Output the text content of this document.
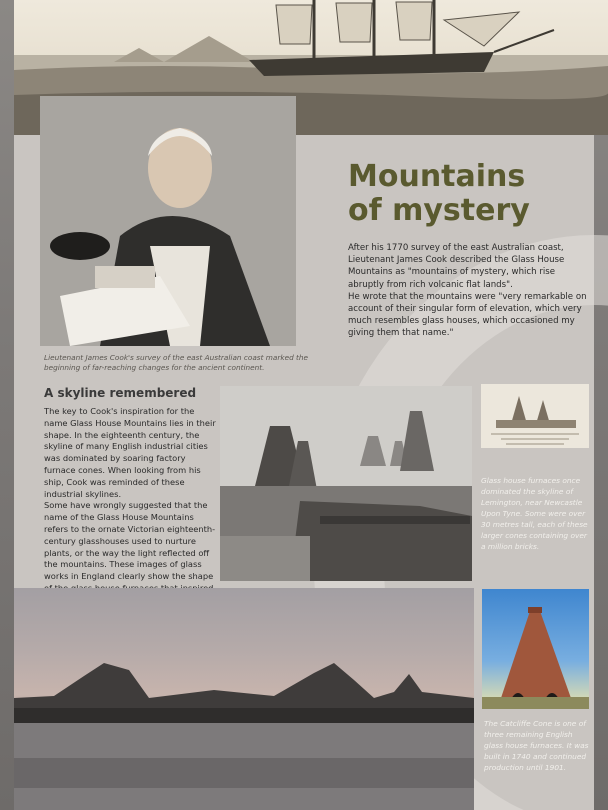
Mountains
of mystery

After his 1770 survey of the east Australian coast, Lieutenant James Cook described the Glass House Mountains as "mountains of mystery, which rise abruptly from rich volcanic flat lands".

He wrote that the mountains were "very remarkable on account of their singular form of elevation, which very much resembles glass houses, which occasioned my giving them that name."

Lieutenant James Cook's survey of the east Australian coast marked the beginning of far-reaching changes for the ancient continent.
A skyline remembered

The key to Cook's inspiration for the name Glass House Mountains lies in their shape. In the eighteenth century, the skyline of many English industrial cities was dominated by soaring factory furnace cones. When looking from his ship, Cook was reminded of these industrial skylines.

Some have wrongly suggested that the name of the Glass House Mountains refers to the ornate Victorian eighteenth-century glasshouses used to nurture plants, or the way the light reflected off the mountains. These images of glass works in England clearly show the shape

Glass house furnaces once dominated the skyline of Lemington, near Newcastle Upon Tyne. Some were over 30 metres tall, each of these larger cones containing over a million bricks.
The Catcliffe Cone is one of three remaining English glass house furnaces. It was built in 1740 and continued production until 1901.
